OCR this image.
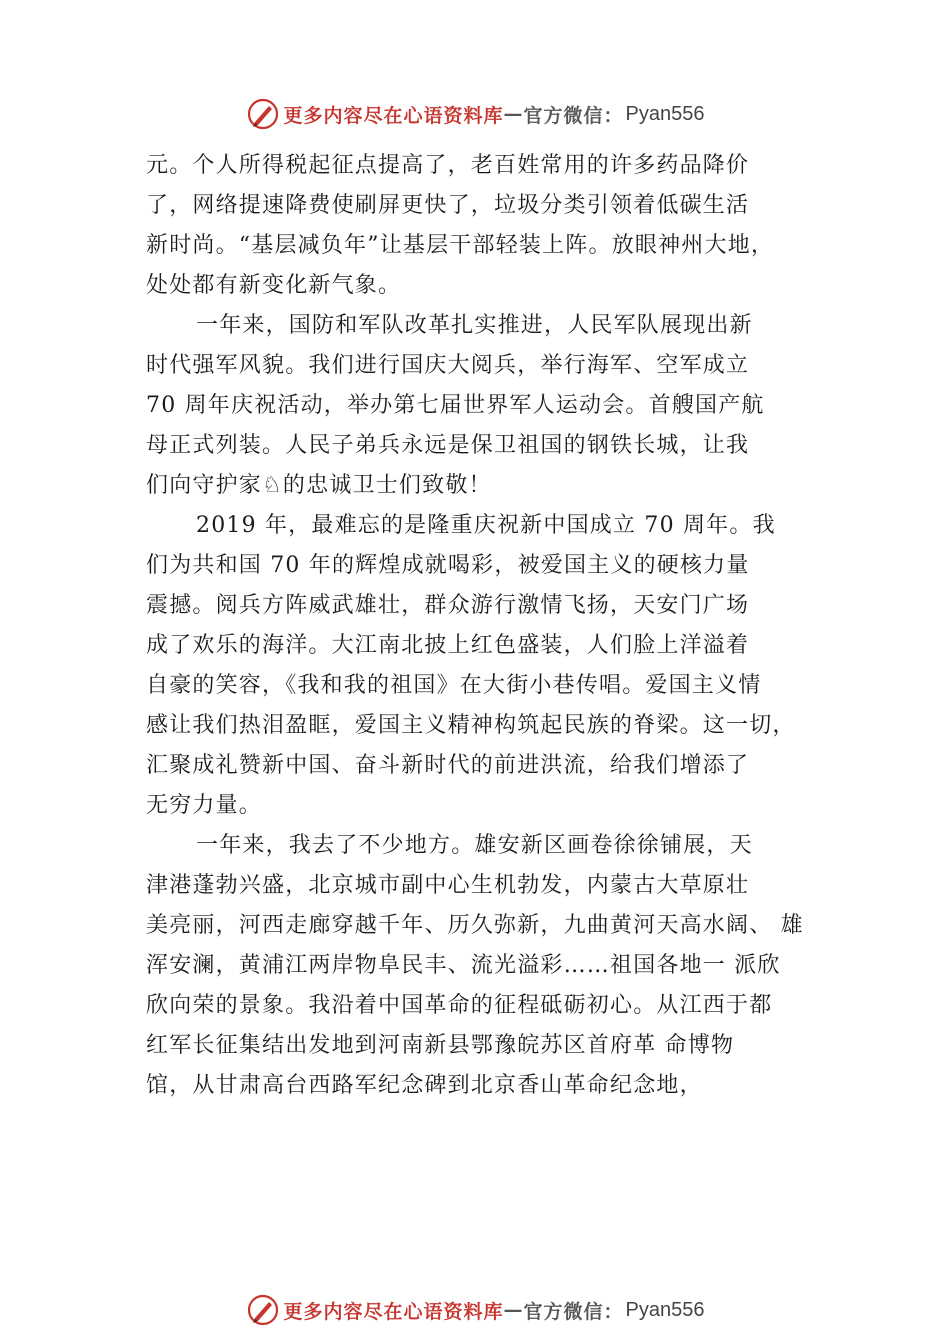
更多内容尽在心语资料库 — 官方微信： Pyan556
元。个人所得税起征点提高了，老百姓常用的许多药品降价
了，网络提速降费使刷屏更快了，垃圾分类引领着低碳生活
新时尚。“基层减负年”让基层干部轻装上阵。放眼神州大地，
处处都有新变化新气象。
一年来，国防和军队改革扎实推进，人民军队展现出新
时代强军风貌。我们进行国庆大阅兵，举行海军、空军成立
70 周年庆祝活动，举办第七届世界军人运动会。首艘国产航
母正式列装。人民子弟兵永远是保卫祖国的钢铁长城，让我
们向守护家♘的忠诚卫士们致敬！
2019 年，最难忘的是隆重庆祝新中国成立 70 周年。我
们为共和国 70 年的辉煌成就喝彩，被爱国主义的硬核力量
震撼。阅兵方阵威武雄壮，群众游行激情飞扬，天安门广场
成了欢乐的海洋。大江南北披上红色盛装，人们脸上洋溢着
自豪的笑容，《我和我的祖国》在大街小巷传唱。爱国主义情
感让我们热泪盈眶，爱国主义精神构筑起民族的脊梁。这一切，
汇聚成礼赞新中国、奋斗新时代的前进洪流，给我们增添了
无穷力量。
一年来，我去了不少地方。雄安新区画卷徐徐铺展，天
津港蓬勃兴盛，北京城市副中心生机勃发，内蒙古大草原壮
美亮丽，河西走廊穿越千年、历久弥新，九曲黄河天高水阔、 雄
浑安澜，黄浦江两岸物阜民丰、流光溢彩……祖国各地一 派欣
欣向荣的景象。我沿着中国革命的征程砥砺初心。从江西于都
红军长征集结出发地到河南新县鄂豫皖苏区首府革 命博物
馆，从甘肃高台西路军纪念碑到北京香山革命纪念地，
更多内容尽在心语资料库 — 官方微信： Pyan556
